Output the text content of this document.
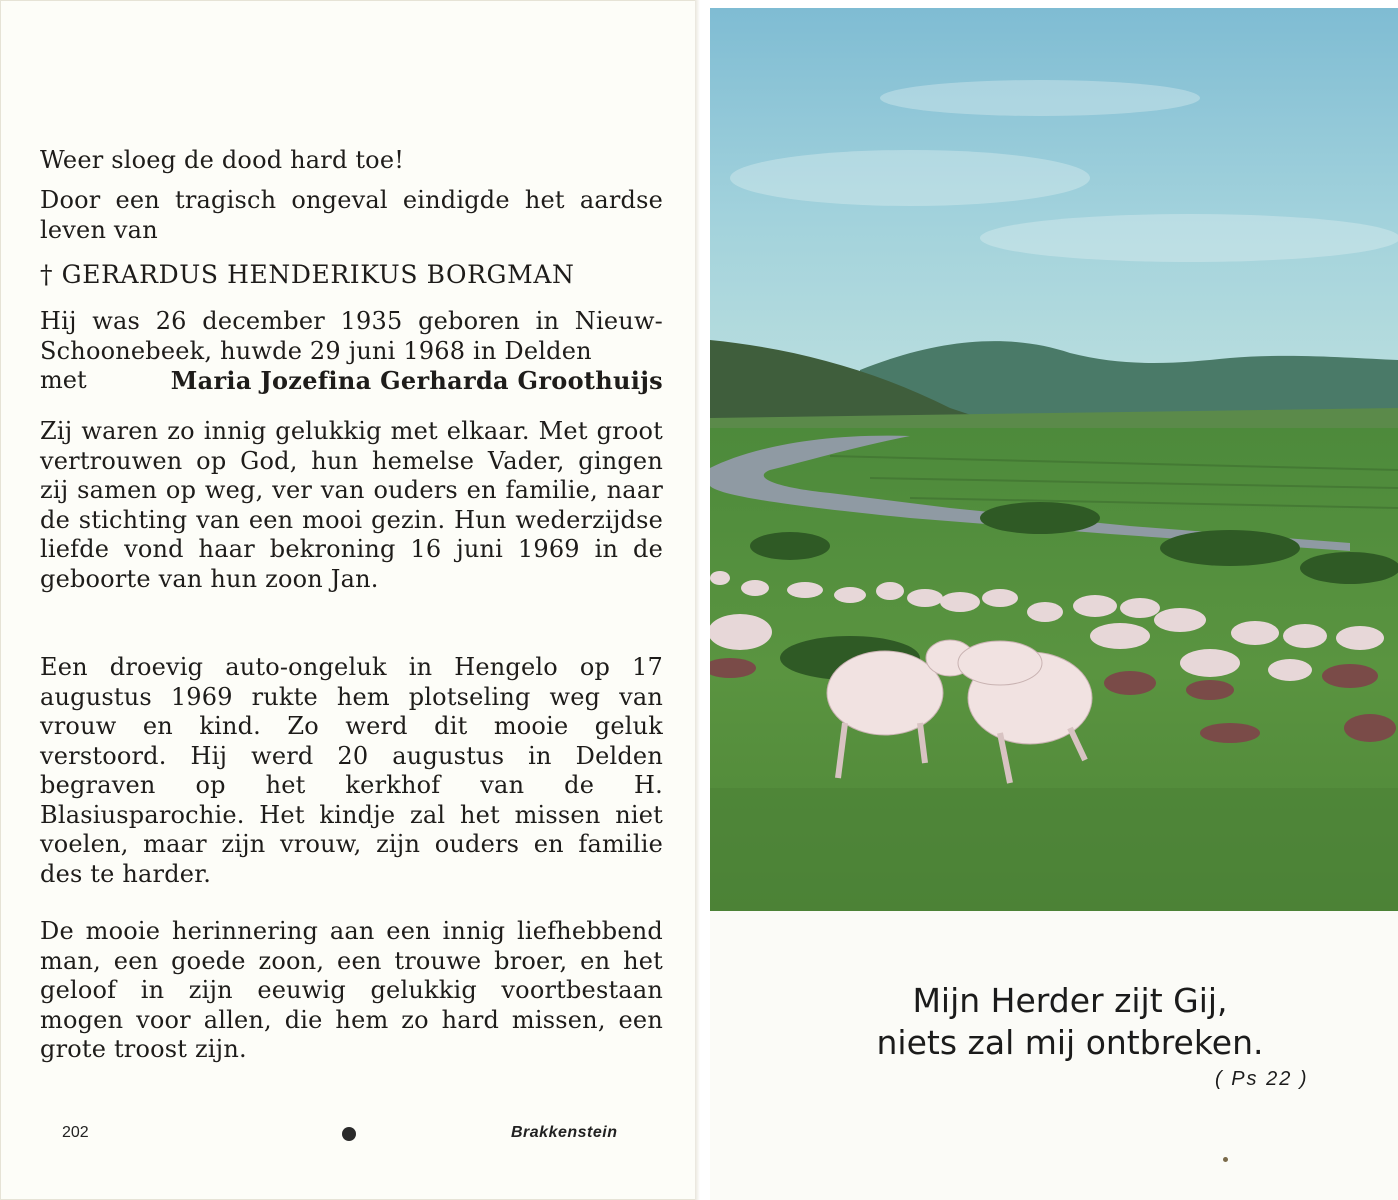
Weer sloeg de dood hard toe!
Door een tragisch ongeval eindigde het aardse leven van
† GERARDUS HENDERIKUS BORGMAN
Hij was 26 december 1935 geboren in Nieuw-Schoonebeek, huwde 29 juni 1968 in Delden
met	Maria Jozefina Gerharda Groothuijs
Zij waren zo innig gelukkig met elkaar. Met groot vertrouwen op God, hun hemelse Vader, gingen zij samen op weg, ver van ouders en familie, naar de stichting van een mooi gezin. Hun wederzijdse liefde vond haar bekroning 16 juni 1969 in de geboorte van hun zoon Jan.
Een droevig auto-ongeluk in Hengelo op 17 augustus 1969 rukte hem plotseling weg van vrouw en kind. Zo werd dit mooie geluk verstoord. Hij werd 20 augustus in Delden begraven op het kerkhof van de H. Blasiusparochie. Het kindje zal het missen niet voelen, maar zijn vrouw, zijn ouders en familie des te harder.
De mooie herinnering aan een innig liefhebbend man, een goede zoon, een trouwe broer, en het geloof in zijn eeuwig gelukkig voortbestaan mogen voor allen, die hem zo hard missen, een grote troost zijn.
202	Brakkenstein
Mijn Herder zijt Gij,
niets zal mij ontbreken.
( Ps 22 )
